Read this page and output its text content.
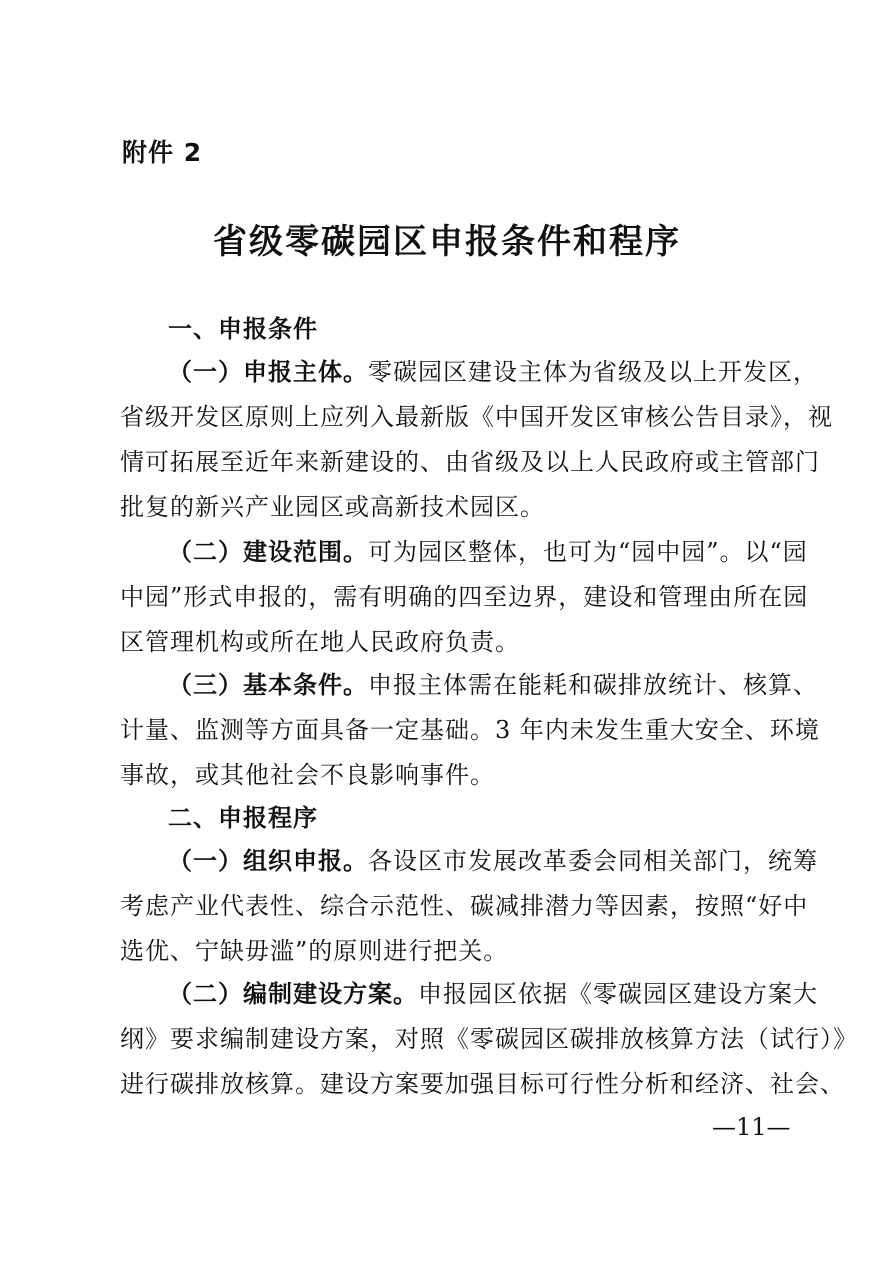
附件 2
省级零碳园区申报条件和程序
一、申报条件
（一）申报主体。零碳园区建设主体为省级及以上开发区，
省级开发区原则上应列入最新版《中国开发区审核公告目录》，视
情可拓展至近年来新建设的、由省级及以上人民政府或主管部门
批复的新兴产业园区或高新技术园区。
（二）建设范围。可为园区整体，也可为“园中园”。以“园
中园”形式申报的，需有明确的四至边界，建设和管理由所在园
区管理机构或所在地人民政府负责。
（三）基本条件。申报主体需在能耗和碳排放统计、核算、
计量、监测等方面具备一定基础。3 年内未发生重大安全、环境
事故，或其他社会不良影响事件。
二、申报程序
（一）组织申报。各设区市发展改革委会同相关部门，统筹
考虑产业代表性、综合示范性、碳减排潜力等因素，按照“好中
选优、宁缺毋滥”的原则进行把关。
（二）编制建设方案。申报园区依据《零碳园区建设方案大
纲》要求编制建设方案，对照《零碳园区碳排放核算方法（试行）》
进行碳排放核算。建设方案要加强目标可行性分析和经济、社会、
—11—
